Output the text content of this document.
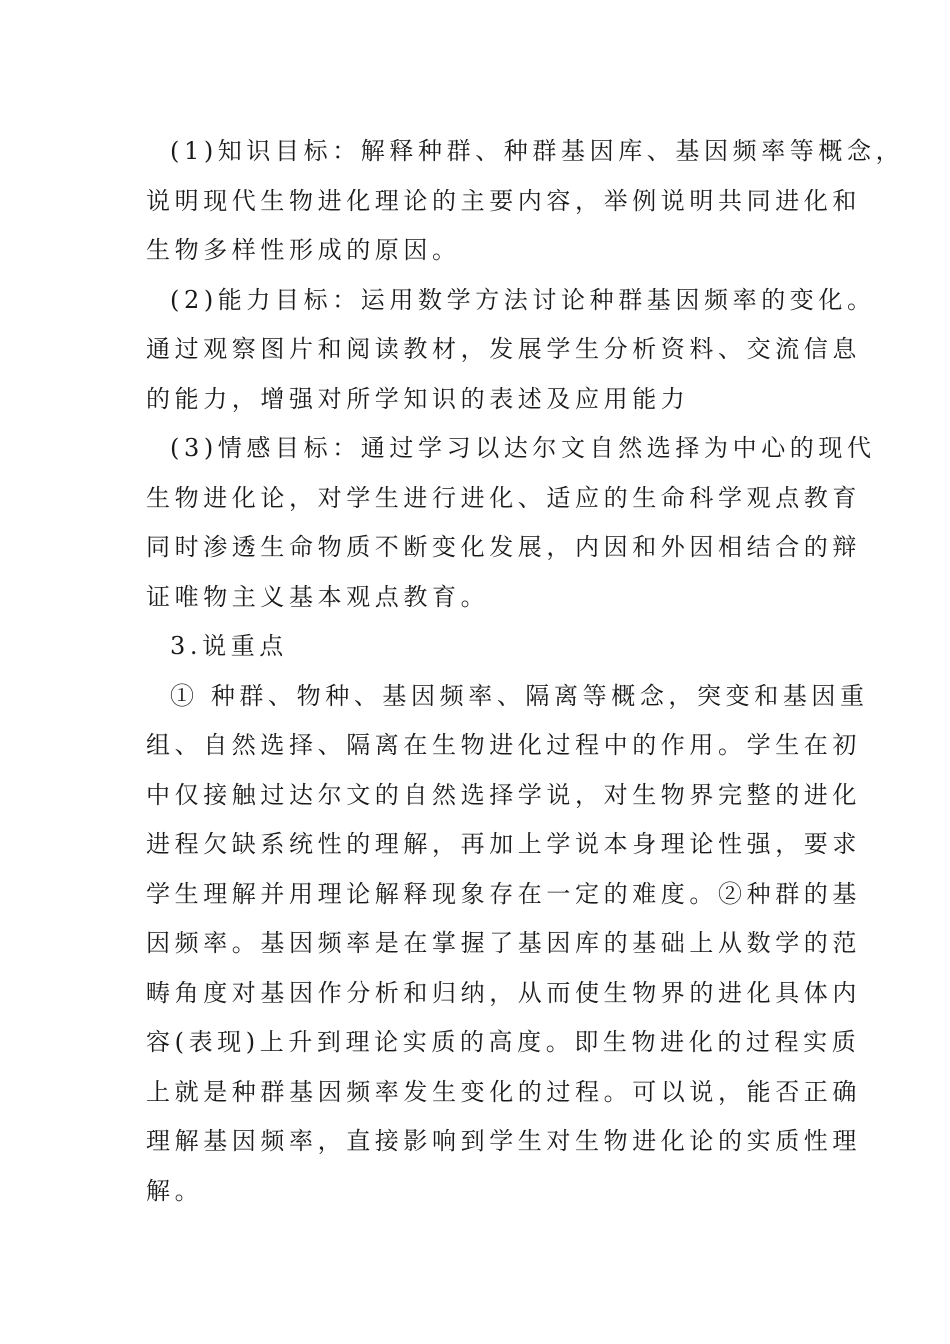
(1)知识目标：解释种群、种群基因库、基因频率等概念，
说明现代生物进化理论的主要内容，举例说明共同进化和
生物多样性形成的原因。
(2)能力目标：运用数学方法讨论种群基因频率的变化。
通过观察图片和阅读教材，发展学生分析资料、交流信息
的能力，增强对所学知识的表述及应用能力
(3)情感目标：通过学习以达尔文自然选择为中心的现代
生物进化论，对学生进行进化、适应的生命科学观点教育
同时渗透生命物质不断变化发展，内因和外因相结合的辩
证唯物主义基本观点教育。
3.说重点
① 种群、物种、基因频率、隔离等概念，突变和基因重
组、自然选择、隔离在生物进化过程中的作用。学生在初
中仅接触过达尔文的自然选择学说，对生物界完整的进化
进程欠缺系统性的理解，再加上学说本身理论性强，要求
学生理解并用理论解释现象存在一定的难度。②种群的基
因频率。基因频率是在掌握了基因库的基础上从数学的范
畴角度对基因作分析和归纳，从而使生物界的进化具体内
容(表现)上升到理论实质的高度。即生物进化的过程实质
上就是种群基因频率发生变化的过程。可以说，能否正确
理解基因频率，直接影响到学生对生物进化论的实质性理
解。
